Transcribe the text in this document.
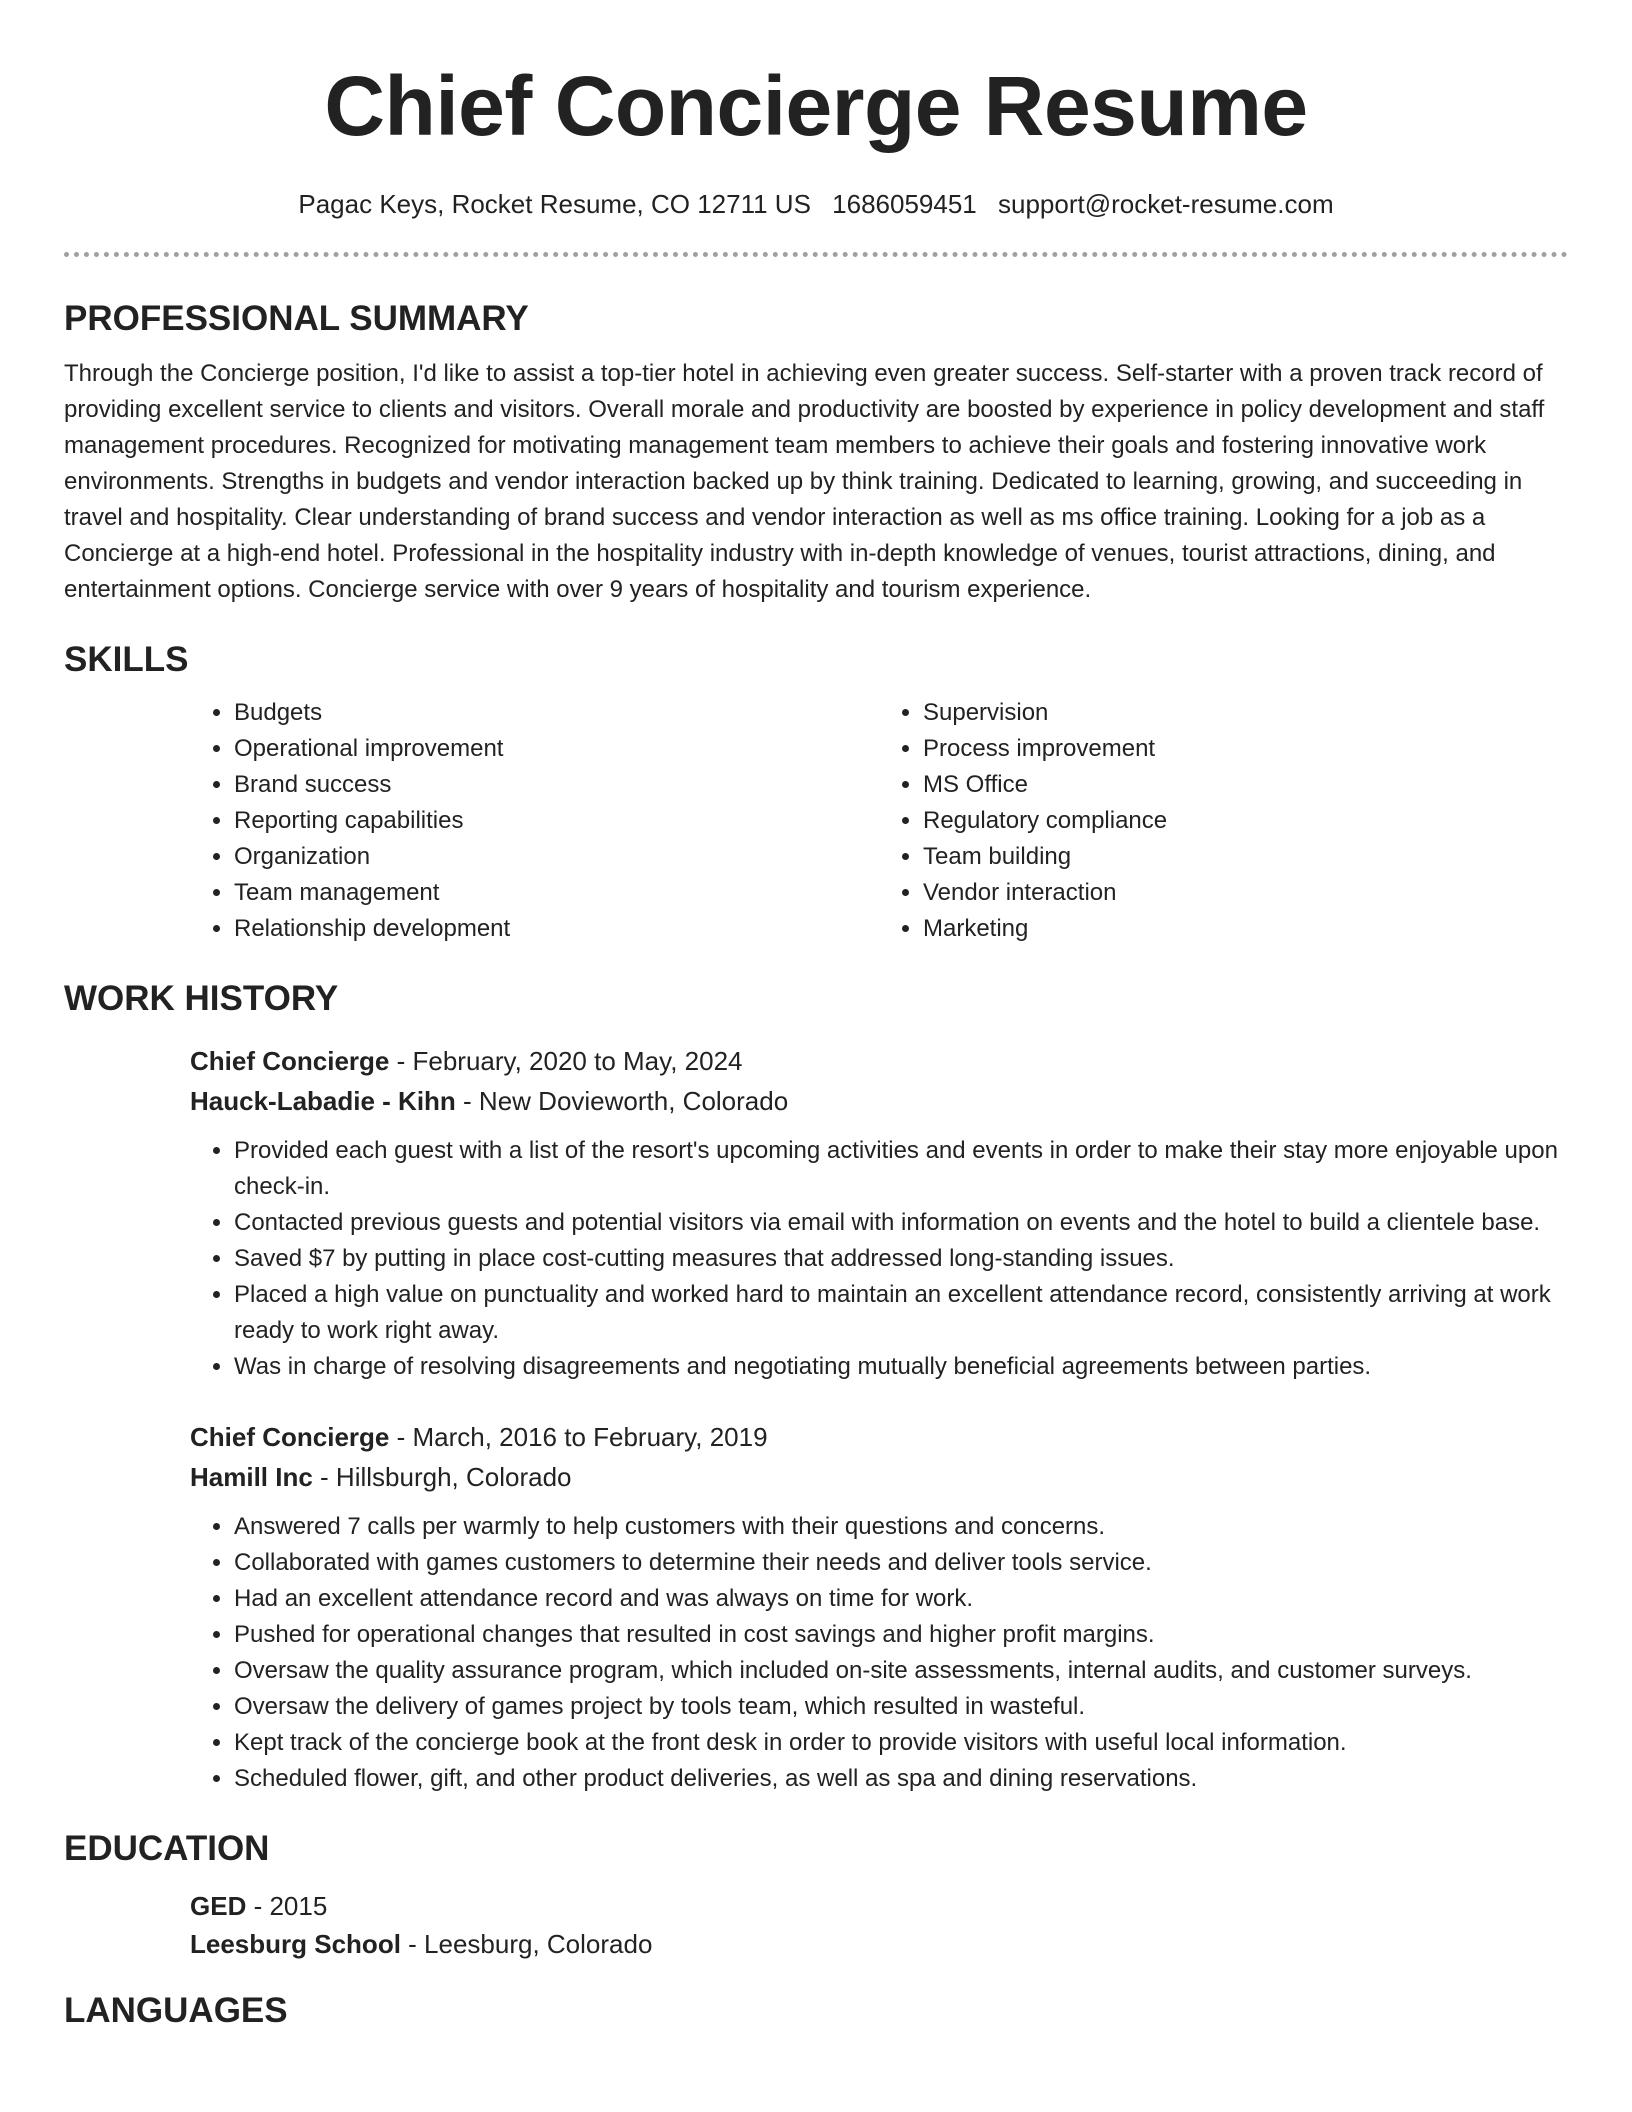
Chief Concierge Resume
Pagac Keys, Rocket Resume, CO 12711 US 1686059451 support@rocket-resume.com
PROFESSIONAL SUMMARY

Through the Concierge position, I'd like to assist a top-tier hotel in achieving even greater success. Self-starter with a proven track record of providing excellent service to clients and visitors. Overall morale and productivity are boosted by experience in policy development and staff management procedures. Recognized for motivating management team members to achieve their goals and fostering innovative work environments. Strengths in budgets and vendor interaction backed up by think training. Dedicated to learning, growing, and succeeding in travel and hospitality. Clear understanding of brand success and vendor interaction as well as ms office training. Looking for a job as a Concierge at a high-end hotel. Professional in the hospitality industry with in-depth knowledge of venues, tourist attractions, dining, and entertainment options. Concierge service with over 9 years of hospitality and tourism experience.

SKILLS
• Budgets
• Operational improvement
• Brand success
• Reporting capabilities
• Organization
• Team management
• Relationship development
• Supervision
• Process improvement
• MS Office
• Regulatory compliance
• Team building
• Vendor interaction
• Marketing
WORK HISTORY

Chief Concierge - February, 2020 to May, 2024

Hauck-Labadie - Kihn - New Dovieworth, Colorado

• Provided each guest with a list of the resort's upcoming activities and events in order to make their stay more enjoyable upon check-in.
• Contacted previous guests and potential visitors via email with information on events and the hotel to build a clientele base.
• Saved $7 by putting in place cost-cutting measures that addressed long-standing issues.
• Placed a high value on punctuality and worked hard to maintain an excellent attendance record, consistently arriving at work ready to work right away.
• Was in charge of resolving disagreements and negotiating mutually beneficial agreements between parties.

Chief Concierge - March, 2016 to February, 2019

Hamill Inc - Hillsburgh, Colorado

• Answered 7 calls per warmly to help customers with their questions and concerns.
• Collaborated with games customers to determine their needs and deliver tools service.
• Had an excellent attendance record and was always on time for work.
• Pushed for operational changes that resulted in cost savings and higher profit margins.
• Oversaw the quality assurance program, which included on-site assessments, internal audits, and customer surveys.
• Oversaw the delivery of games project by tools team, which resulted in wasteful.
• Kept track of the concierge book at the front desk in order to provide visitors with useful local information.
• Scheduled flower, gift, and other product deliveries, as well as spa and dining reservations.
EDUCATION

GED - 2015

Leesburg School - Leesburg, Colorado

LANGUAGES
